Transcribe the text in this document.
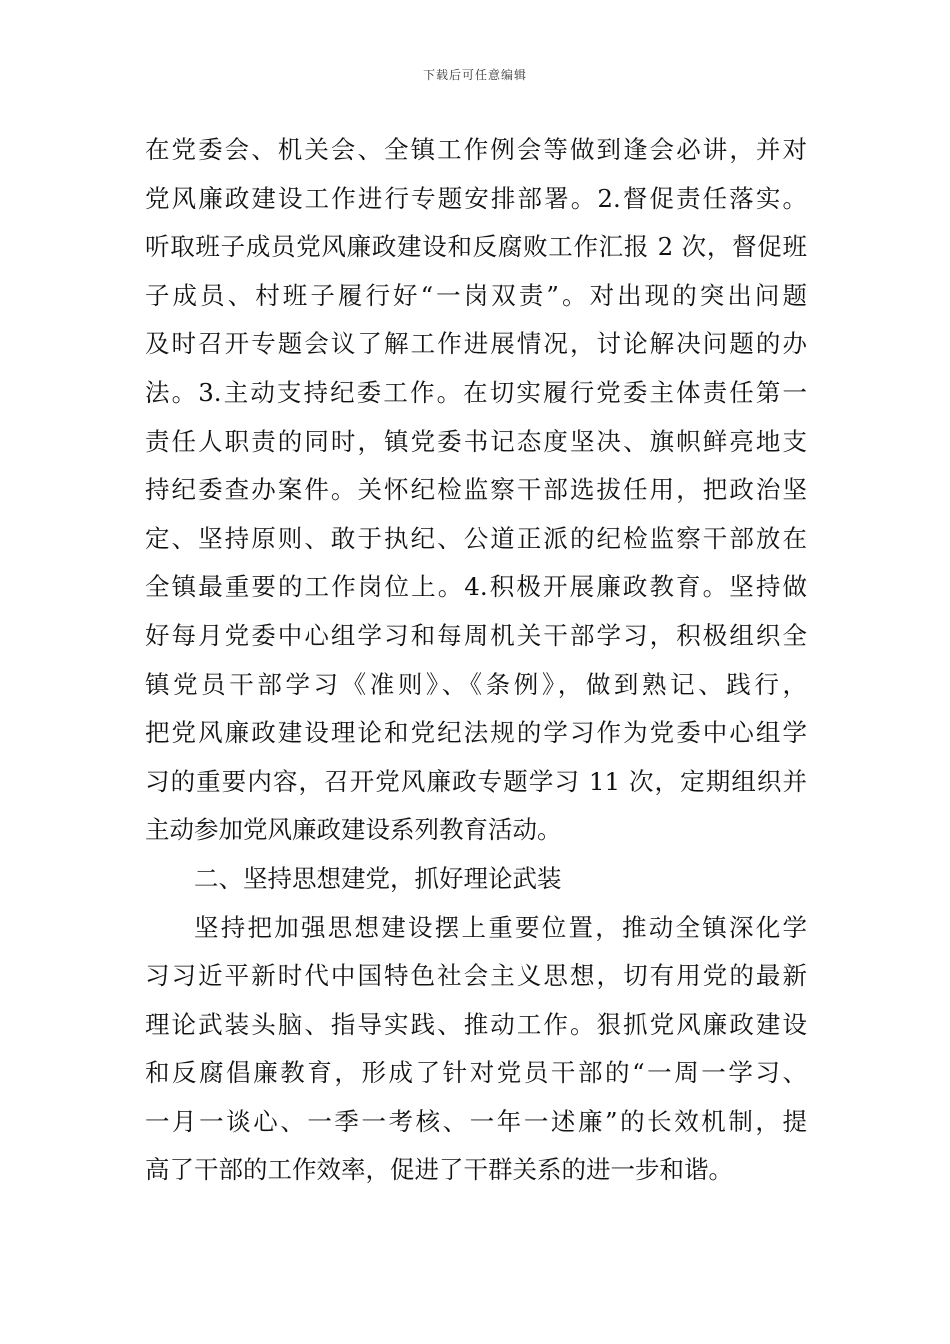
下载后可任意编辑
在党委会、机关会、全镇工作例会等做到逢会必讲，并对
党风廉政建设工作进行专题安排部署。2.督促责任落实。
听取班子成员党风廉政建设和反腐败工作汇报 2 次，督促班
子成员、村班子履行好“一岗双责”。对出现的突出问题
及时召开专题会议了解工作进展情况，讨论解决问题的办
法。3.主动支持纪委工作。在切实履行党委主体责任第一
责任人职责的同时，镇党委书记态度坚决、旗帜鲜亮地支
持纪委查办案件。关怀纪检监察干部选拔任用，把政治坚
定、坚持原则、敢于执纪、公道正派的纪检监察干部放在
全镇最重要的工作岗位上。4.积极开展廉政教育。坚持做
好每月党委中心组学习和每周机关干部学习，积极组织全
镇党员干部学习《准则》、《条例》，做到熟记、践行，
把党风廉政建设理论和党纪法规的学习作为党委中心组学
习的重要内容，召开党风廉政专题学习 11 次，定期组织并
主动参加党风廉政建设系列教育活动。
二、坚持思想建党，抓好理论武装
坚持把加强思想建设摆上重要位置，推动全镇深化学
习习近平新时代中国特色社会主义思想，切有用党的最新
理论武装头脑、指导实践、推动工作。狠抓党风廉政建设
和反腐倡廉教育，形成了针对党员干部的“一周一学习、
一月一谈心、一季一考核、一年一述廉”的长效机制，提
高了干部的工作效率，促进了干群关系的进一步和谐。
